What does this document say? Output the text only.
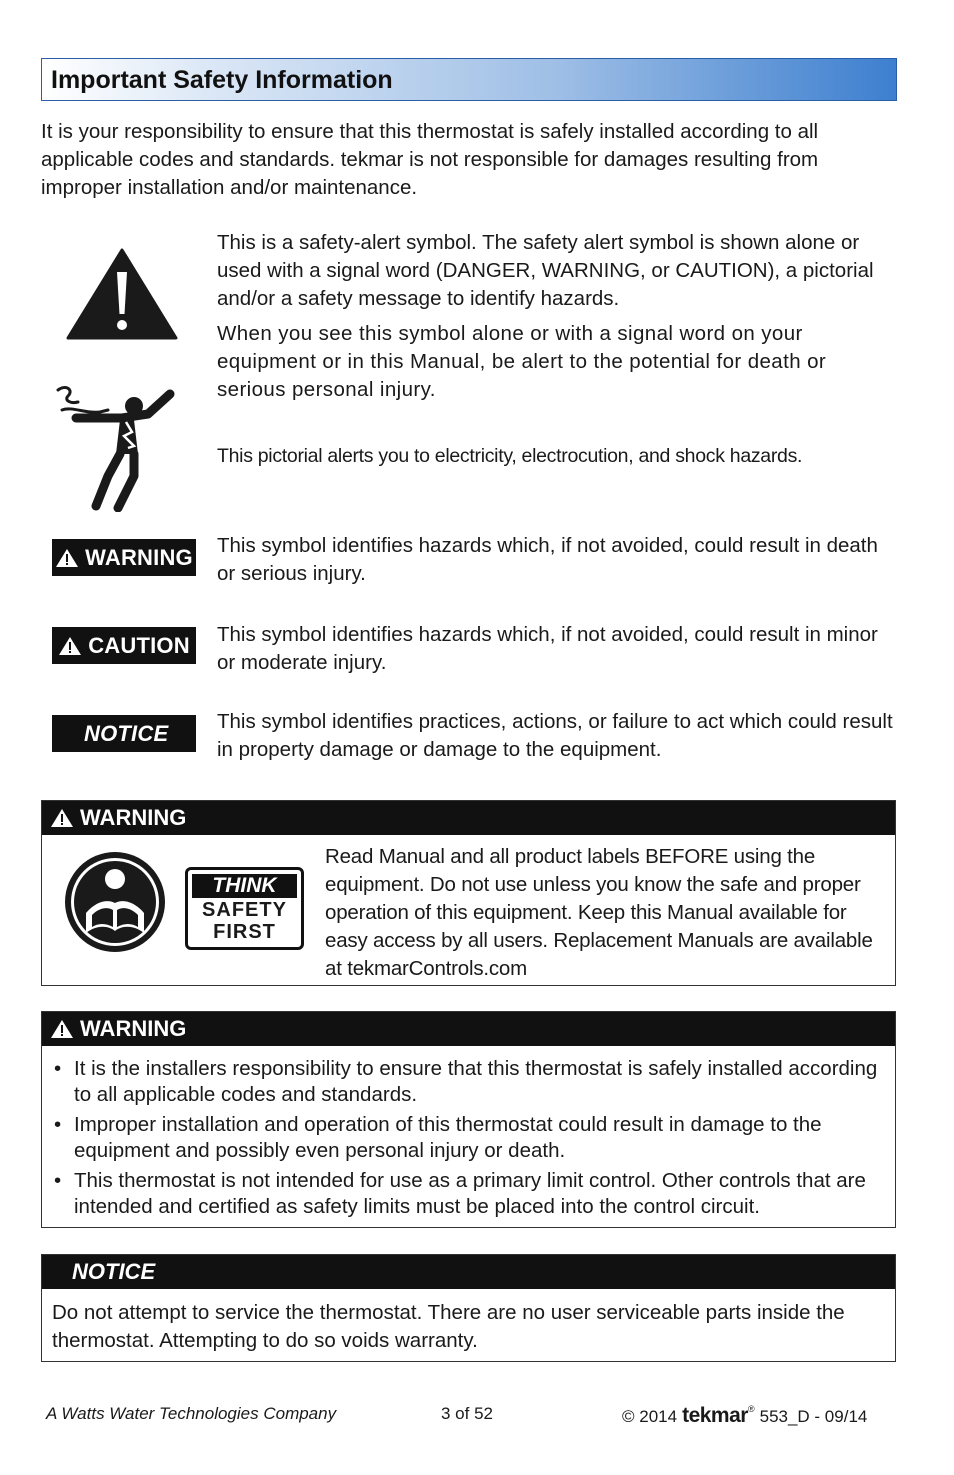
Important Safety Information

It is your responsibility to ensure that this thermostat is safely installed according to all applicable codes and standards. tekmar is not responsible for damages resulting from improper installation and/or maintenance.

This is a safety-alert symbol. The safety alert symbol is shown alone or used with a signal word (DANGER, WARNING, or CAUTION), a pictorial and/or a safety message to identify hazards.

When you see this symbol alone or with a signal word on your equipment or in this Manual, be alert to the potential for death or serious personal injury.

This pictorial alerts you to electricity, electrocution, and shock hazards.

WARNING This symbol identifies hazards which, if not avoided, could result in death or serious injury.

CAUTION This symbol identifies hazards which, if not avoided, could result in minor or moderate injury.

NOTICE This symbol identifies practices, actions, or failure to act which could result in property damage or damage to the equipment.

WARNING
THINK
SAFETY
FIRST

Read Manual and all product labels BEFORE using the equipment. Do not use unless you know the safe and proper operation of this equipment. Keep this Manual available for easy access by all users. Replacement Manuals are available at tekmarControls.com

WARNING
• It is the installers responsibility to ensure that this thermostat is safely installed according to all applicable codes and standards.
• Improper installation and operation of this thermostat could result in damage to the equipment and possibly even personal injury or death.
• This thermostat is not intended for use as a primary limit control. Other controls that are intended and certified as safety limits must be placed into the control circuit.
NOTICE

Do not attempt to service the thermostat. There are no user serviceable parts inside the thermostat. Attempting to do so voids warranty.

A Watts Water Technologies Company	3 of 52	© 2014 tekmar ® 553_D - 09/14
